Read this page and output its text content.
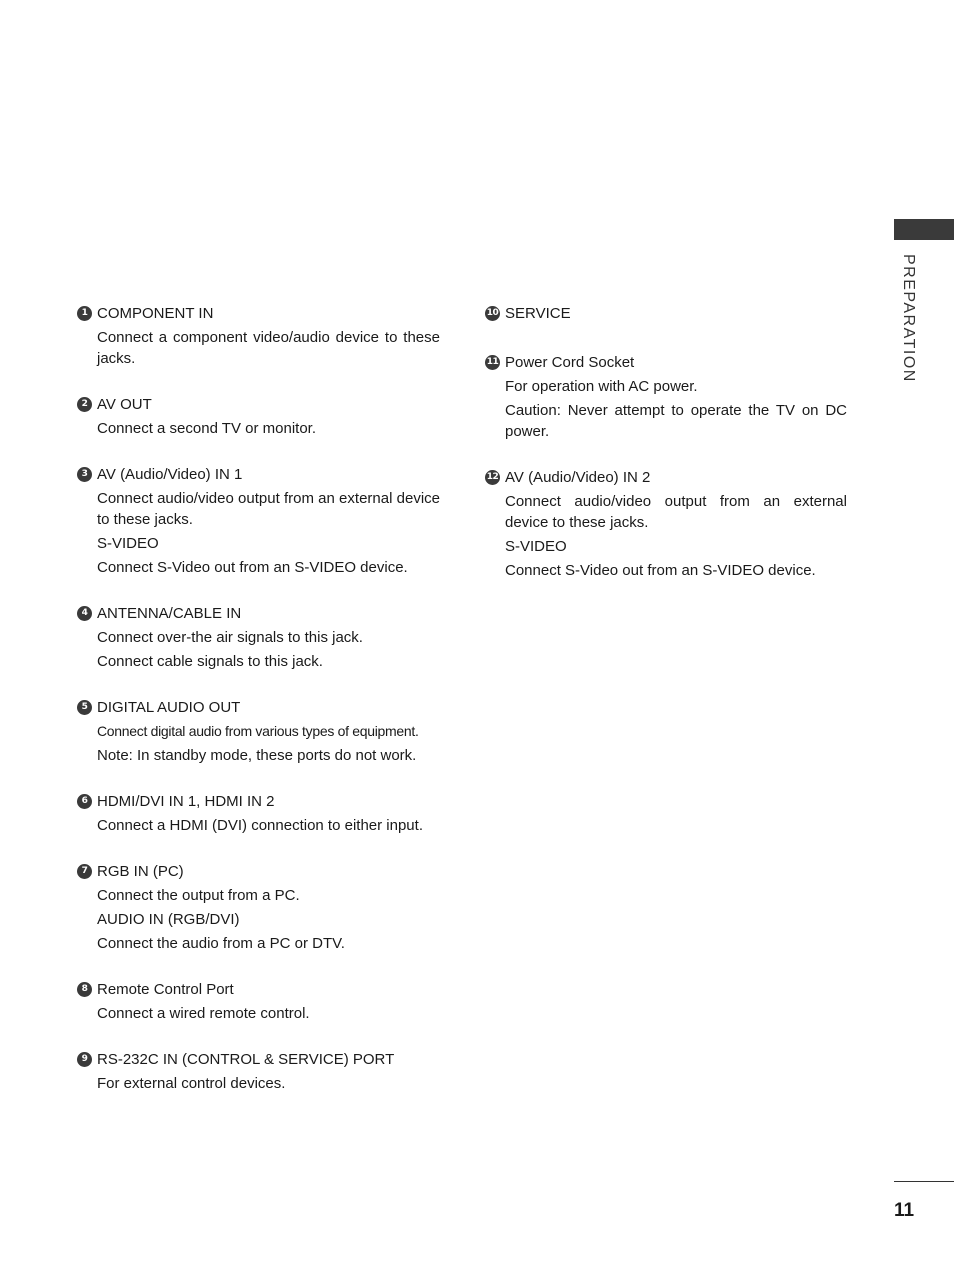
PREPARATION
1 COMPONENT IN

Connect a component video/audio device to these jacks.

2 AV OUT

Connect a second TV or monitor.

3 AV (Audio/Video) IN 1

Connect audio/video output from an external device to these jacks.

S-VIDEO

Connect S-Video out from an S-VIDEO device.

4 ANTENNA/CABLE IN

Connect over-the air signals to this jack.

Connect cable signals to this jack.

5 DIGITAL AUDIO OUT

Connect digital audio from various types of equipment.

Note: In standby mode, these ports do not work.

6 HDMI/DVI IN 1, HDMI IN 2

Connect a HDMI (DVI) connection to either input.

7 RGB IN (PC)

Connect the output from a PC.

AUDIO IN (RGB/DVI)

Connect the audio from a PC or DTV.

8 Remote Control Port

Connect a wired remote control.

9 RS-232C IN (CONTROL & SERVICE) PORT

For external control devices.

10 SERVICE
11 Power Cord Socket

For operation with AC power.

Caution: Never attempt to operate the TV on DC power.

12 AV (Audio/Video) IN 2

Connect audio/video output from an external device to these jacks.

S-VIDEO

Connect S-Video out from an S-VIDEO device.

11
